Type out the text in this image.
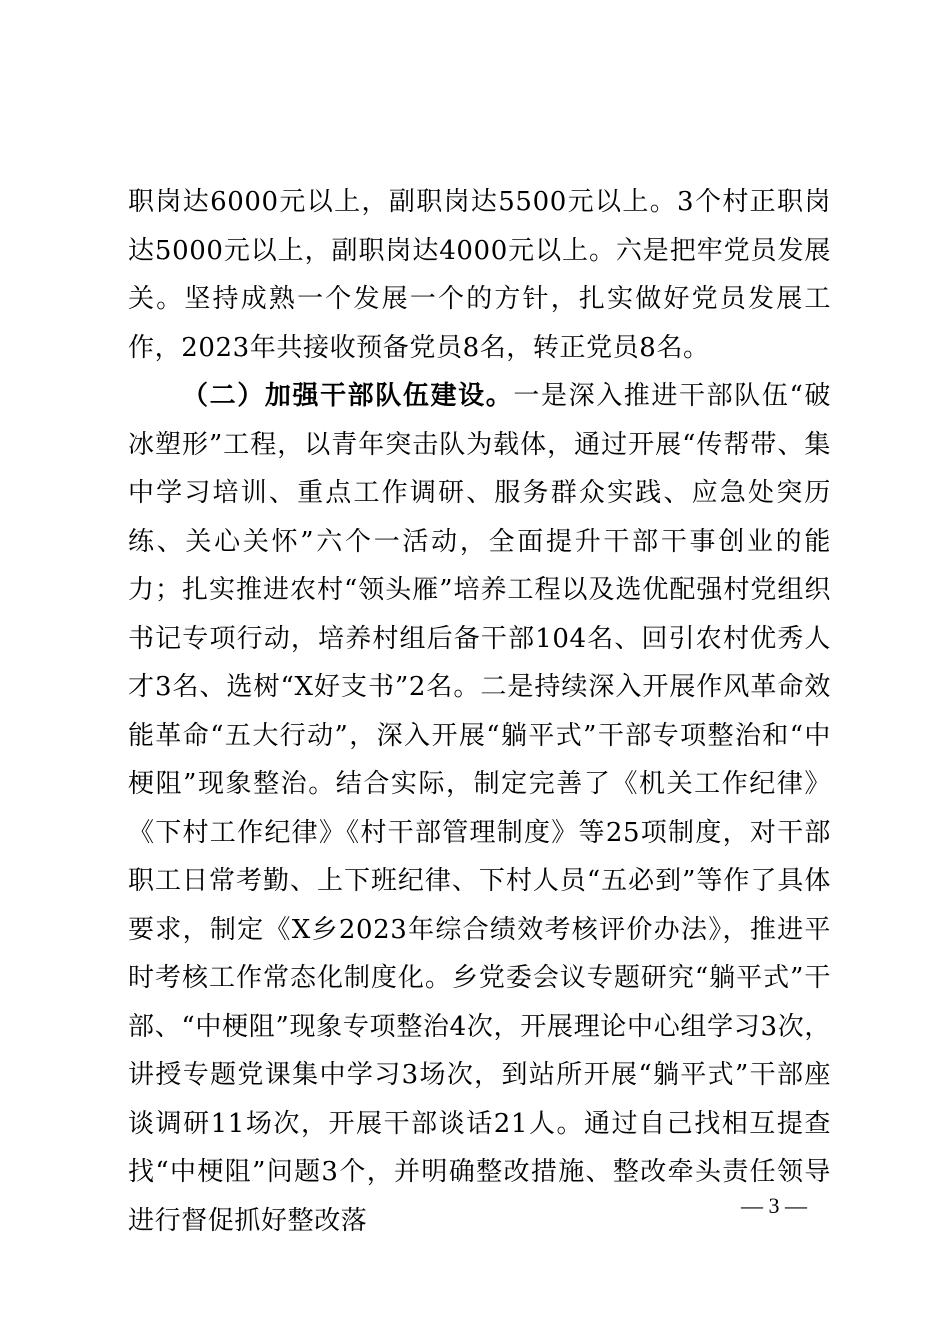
职岗达6000元以上，副职岗达5500元以上。3个村正职岗达5000元以上，副职岗达4000元以上。六是把牢党员发展关。坚持成熟一个发展一个的方针，扎实做好党员发展工作，2023年共接收预备党员8名，转正党员8名。

（二）加强干部队伍建设。一是深入推进干部队伍“破冰塑形”工程，以青年突击队为载体，通过开展“传帮带、集中学习培训、重点工作调研、服务群众实践、应急处突历练、关心关怀”六个一活动，全面提升干部干事创业的能力；扎实推进农村“领头雁”培养工程以及选优配强村党组织书记专项行动，培养村组后备干部104名、回引农村优秀人才3名、选树“X好支书”2名。二是持续深入开展作风革命效能革命“五大行动”，深入开展“躺平式”干部专项整治和“中梗阻”现象整治。结合实际，制定完善了《机关工作纪律》《下村工作纪律》《村干部管理制度》等25项制度，对干部职工日常考勤、上下班纪律、下村人员“五必到”等作了具体要求，制定《X乡2023年综合绩效考核评价办法》，推进平时考核工作常态化制度化。乡党委会议专题研究“躺平式”干部、“中梗阻”现象专项整治4次，开展理论中心组学习3次，讲授专题党课集中学习3场次，到站所开展“躺平式”干部座谈调研11场次，开展干部谈话21人。通过自己找相互提查找“中梗阻”问题3个，并明确整改措施、整改牵头责任领导进行督促抓好整改落	— 3 —
